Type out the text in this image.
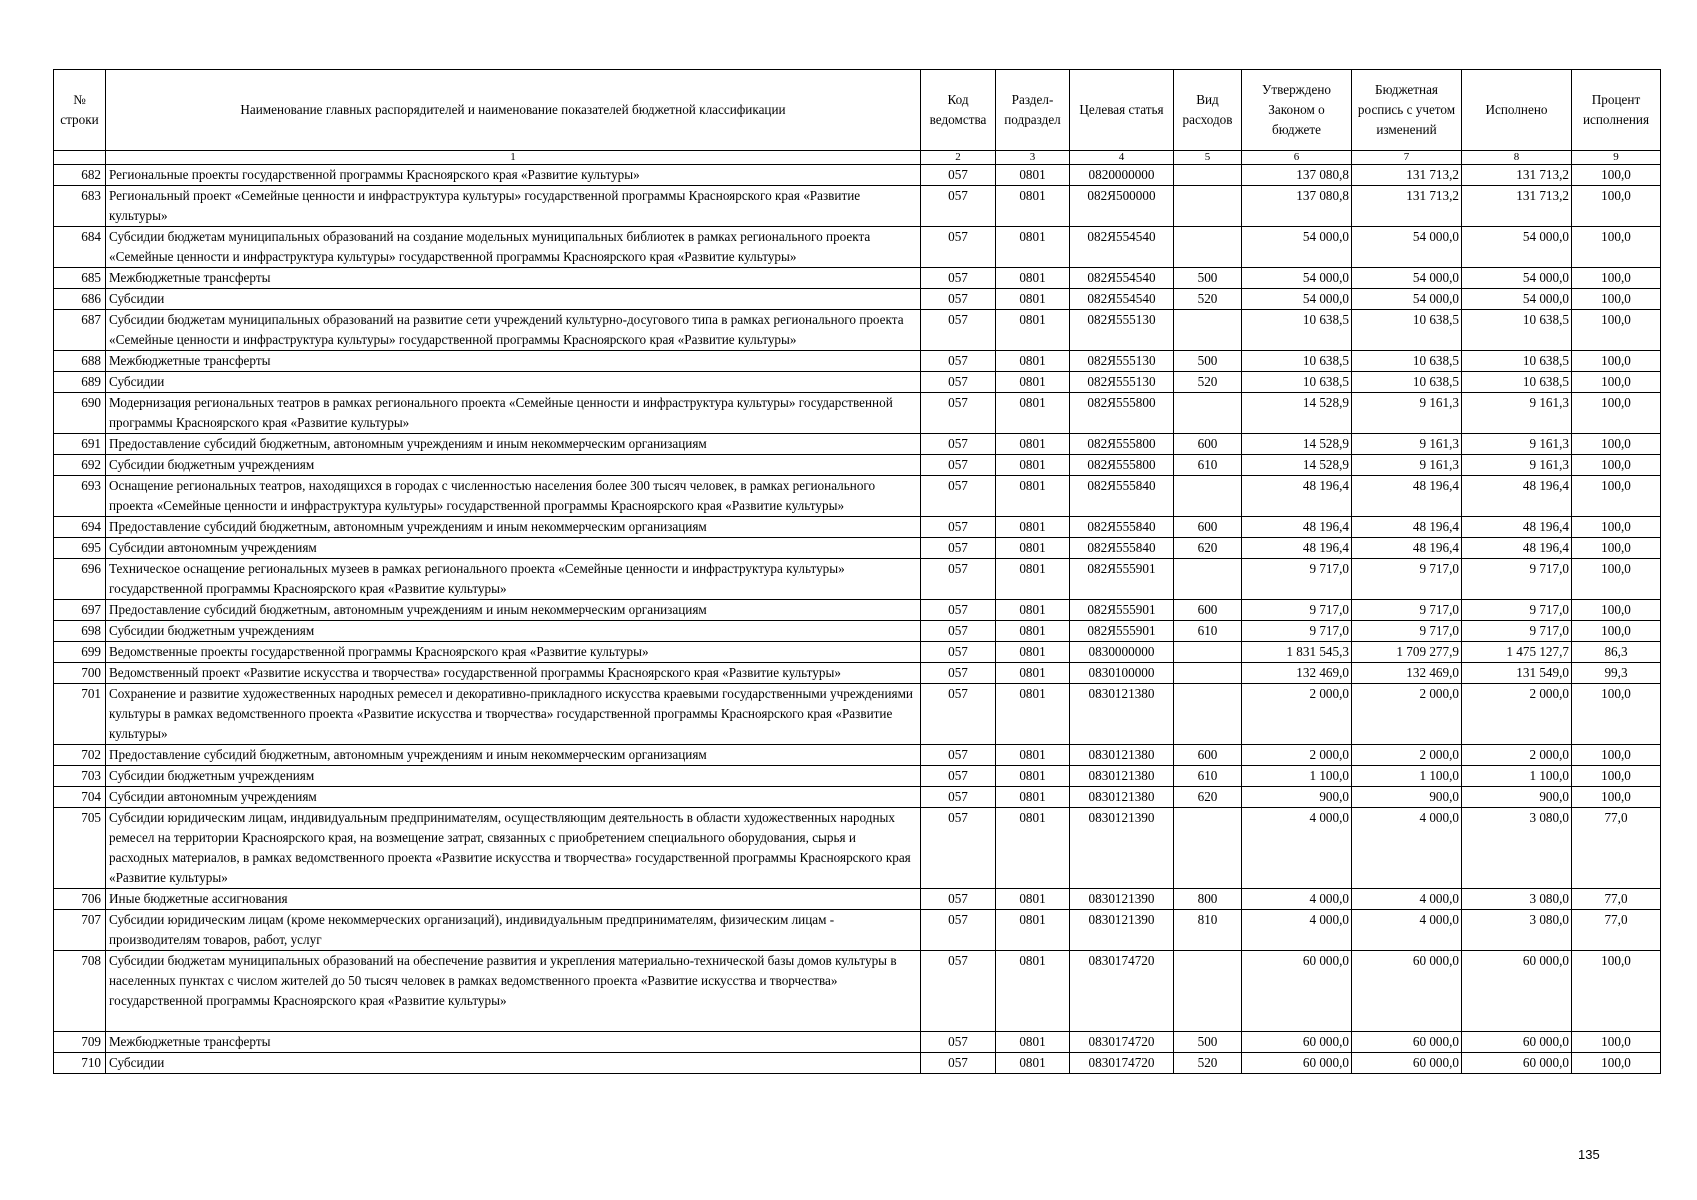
№ строки	Наименование главных распорядителей и наименование показателей бюджетной классификации	Код ведомства	Раздел-подраздел	Целевая статья	Вид расходов	Утверждено Законом о бюджете	Бюджетная роспись с учетом изменений	Исполнено	Процент исполнения
	1	2	3	4	5	6	7	8	9
682	Региональные проекты государственной программы Красноярского края «Развитие культуры»	057	0801	0820000000		137 080,8	131 713,2	131 713,2	100,0
683	Региональный проект «Семейные ценности и инфраструктура культуры» государственной программы Красноярского края «Развитие культуры»	057	0801	082Я500000		137 080,8	131 713,2	131 713,2	100,0
684	Субсидии бюджетам муниципальных образований на создание модельных муниципальных библиотек в рамках регионального проекта «Семейные ценности и инфраструктура культуры» государственной программы Красноярского края «Развитие культуры»	057	0801	082Я554540		54 000,0	54 000,0	54 000,0	100,0
685	Межбюджетные трансферты	057	0801	082Я554540	500	54 000,0	54 000,0	54 000,0	100,0
686	Субсидии	057	0801	082Я554540	520	54 000,0	54 000,0	54 000,0	100,0
687	Субсидии бюджетам муниципальных образований на развитие сети учреждений культурно-досугового типа в рамках регионального проекта «Семейные ценности и инфраструктура культуры» государственной программы Красноярского края «Развитие культуры»	057	0801	082Я555130		10 638,5	10 638,5	10 638,5	100,0
688	Межбюджетные трансферты	057	0801	082Я555130	500	10 638,5	10 638,5	10 638,5	100,0
689	Субсидии	057	0801	082Я555130	520	10 638,5	10 638,5	10 638,5	100,0
690	Модернизация региональных театров в рамках регионального проекта «Семейные ценности и инфраструктура культуры» государственной программы Красноярского края «Развитие культуры»	057	0801	082Я555800		14 528,9	9 161,3	9 161,3	100,0
691	Предоставление субсидий бюджетным, автономным учреждениям и иным некоммерческим организациям	057	0801	082Я555800	600	14 528,9	9 161,3	9 161,3	100,0
692	Субсидии бюджетным учреждениям	057	0801	082Я555800	610	14 528,9	9 161,3	9 161,3	100,0
693	Оснащение региональных театров, находящихся в городах с численностью населения более 300 тысяч человек, в рамках регионального проекта «Семейные ценности и инфраструктура культуры» государственной программы Красноярского края «Развитие культуры»	057	0801	082Я555840		48 196,4	48 196,4	48 196,4	100,0
694	Предоставление субсидий бюджетным, автономным учреждениям и иным некоммерческим организациям	057	0801	082Я555840	600	48 196,4	48 196,4	48 196,4	100,0
695	Субсидии автономным учреждениям	057	0801	082Я555840	620	48 196,4	48 196,4	48 196,4	100,0
696	Техническое оснащение региональных музеев в рамках регионального проекта «Семейные ценности и инфраструктура культуры» государственной программы Красноярского края «Развитие культуры»	057	0801	082Я555901		9 717,0	9 717,0	9 717,0	100,0
697	Предоставление субсидий бюджетным, автономным учреждениям и иным некоммерческим организациям	057	0801	082Я555901	600	9 717,0	9 717,0	9 717,0	100,0
698	Субсидии бюджетным учреждениям	057	0801	082Я555901	610	9 717,0	9 717,0	9 717,0	100,0
699	Ведомственные проекты государственной программы Красноярского края «Развитие культуры»	057	0801	0830000000		1 831 545,3	1 709 277,9	1 475 127,7	86,3
700	Ведомственный проект «Развитие искусства и творчества» государственной программы Красноярского края «Развитие культуры»	057	0801	0830100000		132 469,0	132 469,0	131 549,0	99,3
701	Сохранение и развитие художественных народных ремесел и декоративно-прикладного искусства краевыми государственными учреждениями культуры в рамках ведомственного проекта «Развитие искусства и творчества» государственной программы Красноярского края «Развитие культуры»	057	0801	0830121380		2 000,0	2 000,0	2 000,0	100,0
702	Предоставление субсидий бюджетным, автономным учреждениям и иным некоммерческим организациям	057	0801	0830121380	600	2 000,0	2 000,0	2 000,0	100,0
703	Субсидии бюджетным учреждениям	057	0801	0830121380	610	1 100,0	1 100,0	1 100,0	100,0
704	Субсидии автономным учреждениям	057	0801	0830121380	620	900,0	900,0	900,0	100,0
705	Субсидии юридическим лицам, индивидуальным предпринимателям, осуществляющим деятельность в области художественных народных ремесел на территории Красноярского края, на возмещение затрат, связанных с приобретением специального оборудования, сырья и расходных материалов, в рамках ведомственного проекта «Развитие искусства и творчества» государственной программы Красноярского края «Развитие культуры»	057	0801	0830121390		4 000,0	4 000,0	3 080,0	77,0
706	Иные бюджетные ассигнования	057	0801	0830121390	800	4 000,0	4 000,0	3 080,0	77,0
707	Субсидии юридическим лицам (кроме некоммерческих организаций), индивидуальным предпринимателям, физическим лицам - производителям товаров, работ, услуг	057	0801	0830121390	810	4 000,0	4 000,0	3 080,0	77,0
708	Субсидии бюджетам муниципальных образований на обеспечение развития и укрепления материально-технической базы домов культуры в населенных пунктах с числом жителей до 50 тысяч человек в рамках ведомственного проекта «Развитие искусства и творчества» государственной программы Красноярского края «Развитие культуры»	057	0801	0830174720		60 000,0	60 000,0	60 000,0	100,0
709	Межбюджетные трансферты	057	0801	0830174720	500	60 000,0	60 000,0	60 000,0	100,0
710	Субсидии	057	0801	0830174720	520	60 000,0	60 000,0	60 000,0	100,0
135
